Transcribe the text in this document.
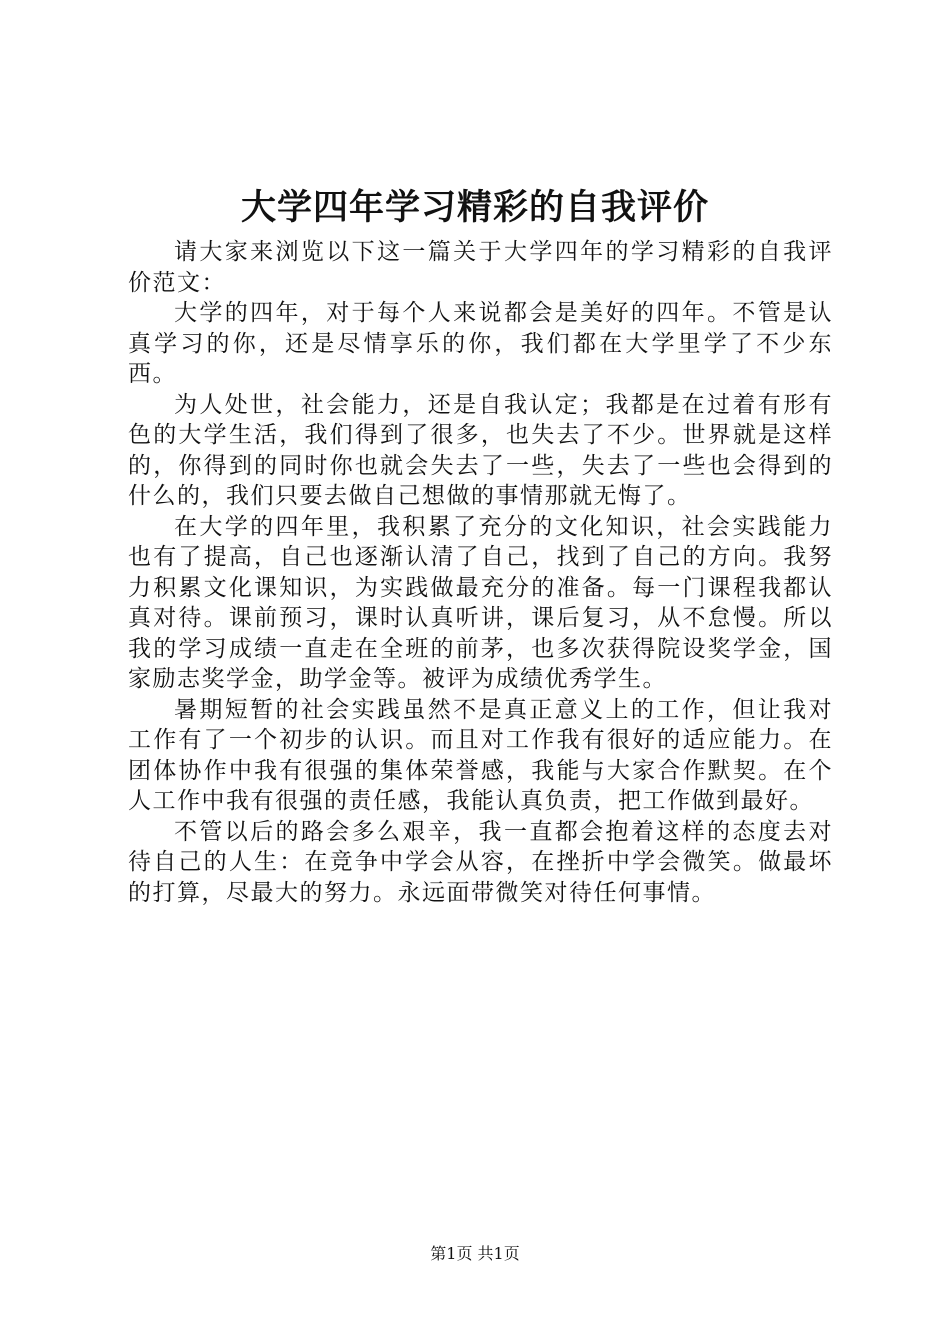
大学四年学习精彩的自我评价

请大家来浏览以下这一篇关于大学四年的学习精彩的自我评价范文：

大学的四年，对于每个人来说都会是美好的四年。不管是认真学习的你，还是尽情享乐的你，我们都在大学里学了不少东西。

为人处世，社会能力，还是自我认定；我都是在过着有形有色的大学生活，我们得到了很多，也失去了不少。世界就是这样的，你得到的同时你也就会失去了一些，失去了一些也会得到的什么的，我们只要去做自己想做的事情那就无悔了。

在大学的四年里，我积累了充分的文化知识，社会实践能力也有了提高，自己也逐渐认清了自己，找到了自己的方向。我努力积累文化课知识，为实践做最充分的准备。每一门课程我都认真对待。课前预习，课时认真听讲，课后复习，从不怠慢。所以我的学习成绩一直走在全班的前茅，也多次获得院设奖学金，国家励志奖学金，助学金等。被评为成绩优秀学生。

暑期短暂的社会实践虽然不是真正意义上的工作，但让我对工作有了一个初步的认识。而且对工作我有很好的适应能力。在团体协作中我有很强的集体荣誉感，我能与大家合作默契。在个人工作中我有很强的责任感，我能认真负责，把工作做到最好。

不管以后的路会多么艰辛，我一直都会抱着这样的态度去对待自己的人生：在竞争中学会从容，在挫折中学会微笑。做最坏的打算，尽最大的努力。永远面带微笑对待任何事情。

第1页 共1页
